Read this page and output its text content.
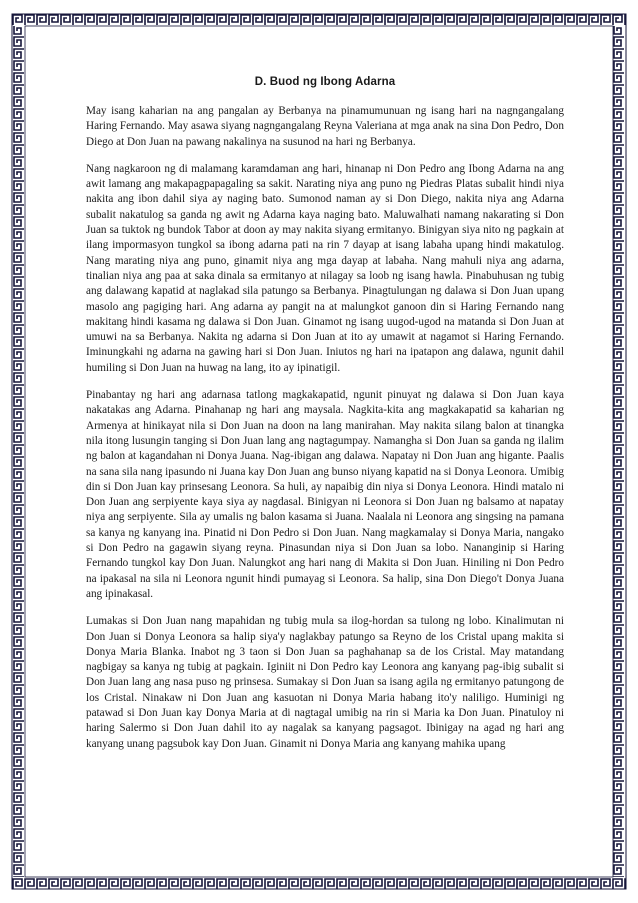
D. Buod ng Ibong Adarna

May isang kaharian na ang pangalan ay Berbanya na pinamumunuan ng isang hari na nagngangalang Haring Fernando. May asawa siyang nagngangalang Reyna Valeriana at mga anak na sina Don Pedro, Don Diego at Don Juan na pawang nakalinya na susunod na hari ng Berbanya.

Nang nagkaroon ng di malamang karamdaman ang hari, hinanap ni Don Pedro ang Ibong Adarna na ang awit lamang ang makapagpapagaling sa sakit. Narating niya ang puno ng Piedras Platas subalit hindi niya nakita ang ibon dahil siya ay naging bato. Sumonod naman ay si Don Diego, nakita niya ang Adarna subalit nakatulog sa ganda ng awit ng Adarna kaya naging bato. Maluwalhati namang nakarating si Don Juan sa tuktok ng bundok Tabor at doon ay may nakita siyang ermitanyo. Binigyan siya nito ng pagkain at ilang impormasyon tungkol sa ibong adarna pati na rin 7 dayap at isang labaha upang hindi makatulog. Nang marating niya ang puno, ginamit niya ang mga dayap at labaha. Nang mahuli niya ang adarna, tinalian niya ang paa at saka dinala sa ermitanyo at nilagay sa loob ng isang hawla. Pinabuhusan ng tubig ang dalawang kapatid at naglakad sila patungo sa Berbanya. Pinagtulungan ng dalawa si Don Juan upang masolo ang pagiging hari. Ang adarna ay pangit na at malungkot ganoon din si Haring Fernando nang makitang hindi kasama ng dalawa si Don Juan. Ginamot ng isang uugod-ugod na matanda si Don Juan at umuwi na sa Berbanya. Nakita ng adarna si Don Juan at ito ay umawit at nagamot si Haring Fernando. Iminungkahi ng adarna na gawing hari si Don Juan. Iniutos ng hari na ipatapon ang dalawa, ngunit dahil humiling si Don Juan na huwag na lang, ito ay ipinatigil.

Pinabantay ng hari ang adarnasa tatlong magkakapatid, ngunit pinuyat ng dalawa si Don Juan kaya nakatakas ang Adarna. Pinahanap ng hari ang maysala. Nagkita-kita ang magkakapatid sa kaharian ng Armenya at hinikayat nila si Don Juan na doon na lang manirahan. May nakita silang balon at tinangka nila itong lusungin tanging si Don Juan lang ang nagtagumpay. Namangha si Don Juan sa ganda ng ilalim ng balon at kagandahan ni Donya Juana. Nag-ibigan ang dalawa. Napatay ni Don Juan ang higante. Paalis na sana sila nang ipasundo ni Juana kay Don Juan ang bunso niyang kapatid na si Donya Leonora. Umibig din si Don Juan kay prinsesang Leonora. Sa huli, ay napaibig din niya si Donya Leonora. Hindi matalo ni Don Juan ang serpiyente kaya siya ay nagdasal. Binigyan ni Leonora si Don Juan ng balsamo at napatay niya ang serpiyente. Sila ay umalis ng balon kasama si Juana. Naalala ni Leonora ang singsing na pamana sa kanya ng kanyang ina. Pinatid ni Don Pedro si Don Juan. Nang magkamalay si Donya Maria, nangako si Don Pedro na gagawin siyang reyna. Pinasundan niya si Don Juan sa lobo. Nananginip si Haring Fernando tungkol kay Don Juan. Nalungkot ang hari nang di Makita si Don Juan. Hiniling ni Don Pedro na ipakasal na sila ni Leonora ngunit hindi pumayag si Leonora. Sa halip, sina Don Diego't Donya Juana ang ipinakasal.

Lumakas si Don Juan nang mapahidan ng tubig mula sa ilog-hordan sa tulong ng lobo. Kinalimutan ni Don Juan si Donya Leonora sa halip siya'y naglakbay patungo sa Reyno de los Cristal upang makita si Donya Maria Blanka. Inabot ng 3 taon si Don Juan sa paghahanap sa de los Cristal. May matandang nagbigay sa kanya ng tubig at pagkain. Iginiit ni Don Pedro kay Leonora ang kanyang pag-ibig subalit si Don Juan lang ang nasa puso ng prinsesa. Sumakay si Don Juan sa isang agila ng ermitanyo patungong de los Cristal. Ninakaw ni Don Juan ang kasuotan ni Donya Maria habang ito'y naliligo. Huminigi ng patawad si Don Juan kay Donya Maria at di nagtagal umibig na rin si Maria ka Don Juan. Pinatuloy ni haring Salermo si Don Juan dahil ito ay nagalak sa kanyang pagsagot. Ibinigay na agad ng hari ang kanyang unang pagsubok kay Don Juan. Ginamit ni Donya Maria ang kanyang mahika upang
